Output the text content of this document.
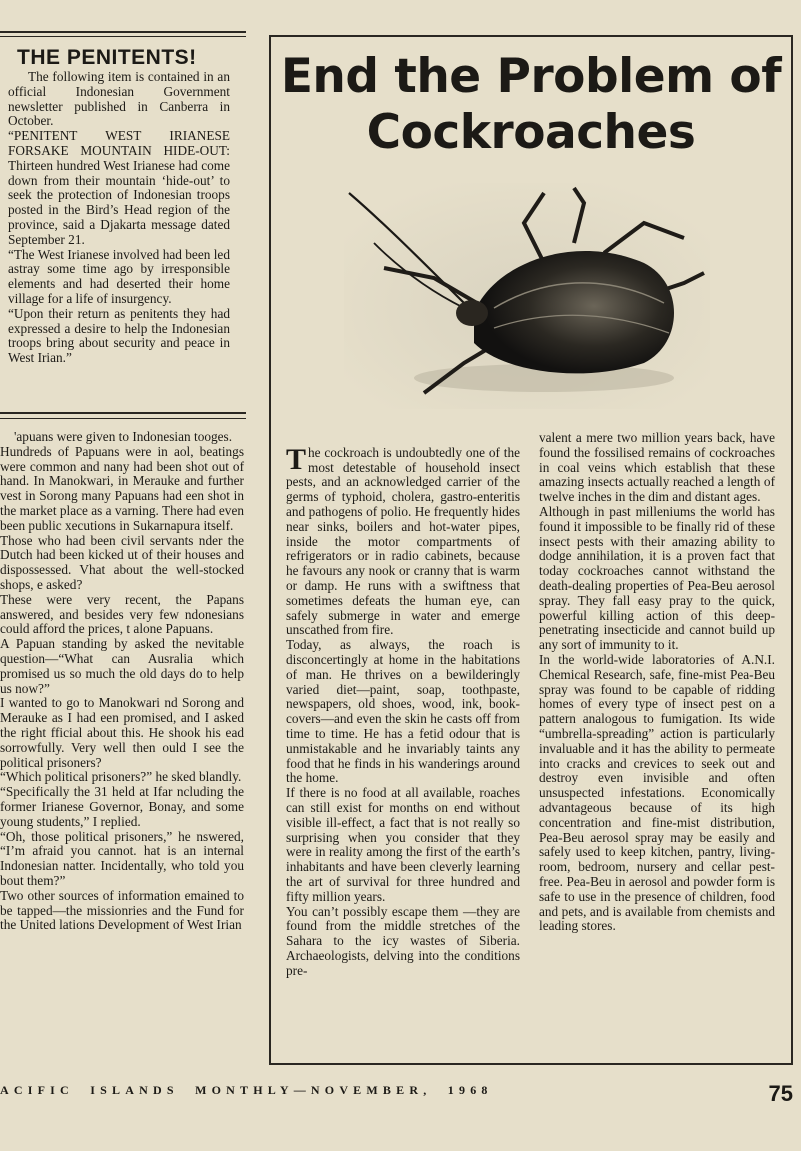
THE PENITENTS!

The following item is contained in an official Indonesian Government newsletter published in Canberra in October.
“PENITENT WEST IRIANESE FORSAKE MOUNTAIN HIDE-OUT: Thirteen hundred West Irianese had come down from their mountain ‘hide-out’ to seek the protection of Indonesian troops posted in the Bird’s Head region of the province, said a Djakarta message dated September 21.
“The West Irianese involved had been led astray some time ago by irresponsible elements and had deserted their home village for a life of insurgency.
“Upon their return as penitents they had expressed a desire to help the Indonesian troops bring about security and peace in West Irian.”

'apuans were given to Indonesian tooges.
Hundreds of Papuans were in aol, beatings were common and nany had been shot out of hand. In Manokwari, in Merauke and further vest in Sorong many Papuans had een shot in the market place as a varning. There had even been public xecutions in Sukarnapura itself.
Those who had been civil servants nder the Dutch had been kicked ut of their houses and dispossessed. Vhat about the well-stocked shops, e asked?
These were very recent, the Papans answered, and besides very few ndonesians could afford the prices, t alone Papuans.
A Papuan standing by asked the nevitable question—“What can Ausralia which promised us so much the old days do to help us now?”
I wanted to go to Manokwari nd Sorong and Merauke as I had een promised, and I asked the right fficial about this. He shook his ead sorrowfully. Very well then ould I see the political prisoners?
“Which political prisoners?” he sked blandly.
“Specifically the 31 held at Ifar ncluding the former Irianese Governor, Bonay, and some young students,” I replied.
“Oh, those political prisoners,” he nswered, “I’m afraid you cannot. hat is an internal Indonesian natter. Incidentally, who told you bout them?”
Two other sources of information emained to be tapped—the missionries and the Fund for the United lations Development of West Irian

End the Problem of Cockroaches

The cockroach is undoubtedly one of the most detestable of household insect pests, and an acknowledged carrier of the germs of typhoid, cholera, gastro-enteritis and pathogens of polio. He frequently hides near sinks, boilers and hot-water pipes, inside the motor compartments of refrigerators or in radio cabinets, because he favours any nook or cranny that is warm or damp. He runs with a swiftness that sometimes defeats the human eye, can safely submerge in water and emerge unscathed from fire.
Today, as always, the roach is disconcertingly at home in the habitations of man. He thrives on a bewilderingly varied diet—paint, soap, toothpaste, newspapers, old shoes, wood, ink, book-covers—and even the skin he casts off from time to time. He has a fetid odour that is unmistakable and he invariably taints any food that he finds in his wanderings around the home.
If there is no food at all available, roaches can still exist for months on end without visible ill-effect, a fact that is not really so surprising when you consider that they were in reality among the first of the earth’s inhabitants and have been cleverly learning the art of survival for three hundred and fifty million years.
You can’t possibly escape them —they are found from the middle stretches of the Sahara to the icy wastes of Siberia. Archaeologists, delving into the conditions pre-

valent a mere two million years back, have found the fossilised remains of cockroaches in coal veins which establish that these amazing insects actually reached a length of twelve inches in the dim and distant ages.
Although in past milleniums the world has found it impossible to be finally rid of these insect pests with their amazing ability to dodge annihilation, it is a proven fact that today cockroaches cannot withstand the death-dealing properties of Pea-Beu aerosol spray. They fall easy pray to the quick, powerful killing action of this deep-penetrating insecticide and cannot build up any sort of immunity to it.
In the world-wide laboratories of A.N.I. Chemical Research, safe, fine-mist Pea-Beu spray was found to be capable of ridding homes of every type of insect pest on a pattern analogous to fumigation. Its wide “umbrella-spreading” action is particularly invaluable and it has the ability to permeate into cracks and crevices to seek out and destroy even invisible and often unsuspected infestations. Economically advantageous because of its high concentration and fine-mist distribution, Pea-Beu aerosol spray may be easily and safely used to keep kitchen, pantry, living-room, bedroom, nursery and cellar pest-free. Pea-Beu in aerosol and powder form is safe to use in the presence of children, food and pets, and is available from chemists and leading stores.

ACIFIC  ISLANDS  MONTHLY—NOVEMBER,  1968	75
